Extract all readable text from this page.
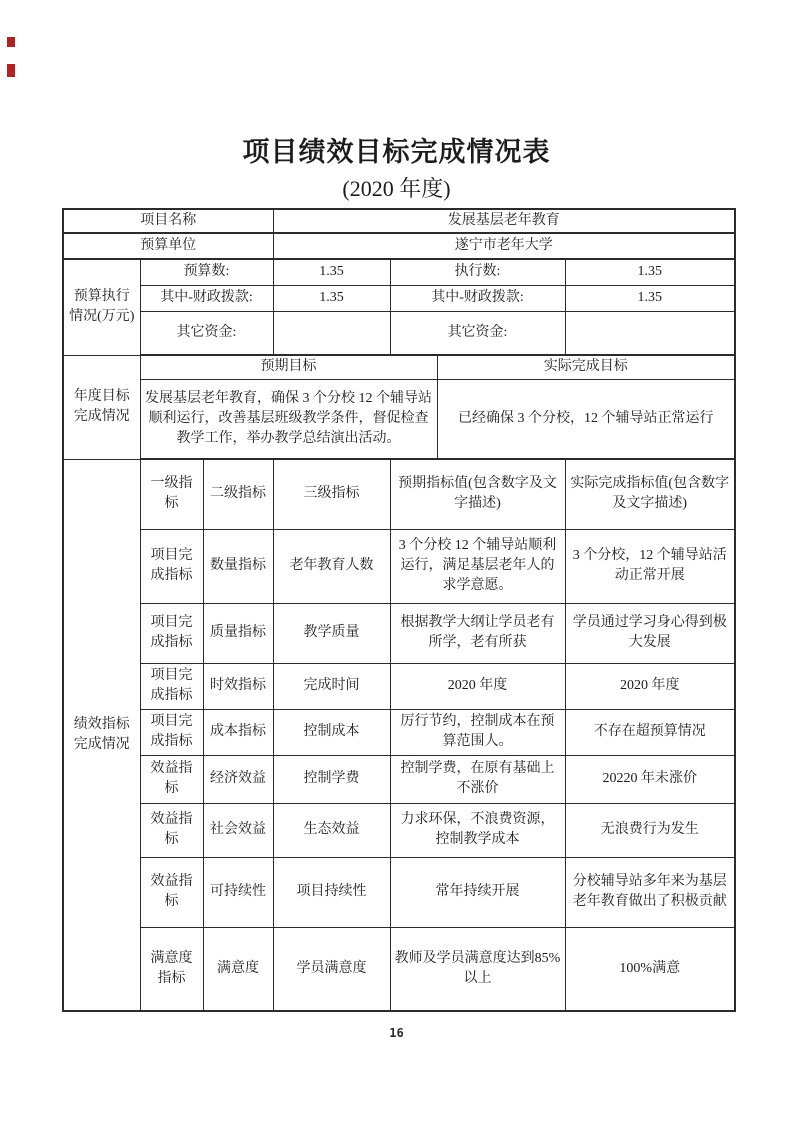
项目绩效目标完成情况表
(2020 年度)
项目名称			发展基层老年教育			
预算单位			遂宁市老年大学			
预算执行情况(万元)	预算数:		1.35	执行数:		1.35
	其中-财政拨款:		1.35	其中-财政拨款:		1.35
	其它资金:			其它资金:		
年度目标完成情况	预期目标				实际完成目标	
	发展基层老年教育，确保 3 个分校 12 个辅导站顺利运行，改善基层班级教学条件，督促检查教学工作，举办教学总结演出活动。				已经确保 3 个分校，12 个辅导站正常运行	
绩效指标完成情况	一级指标	二级指标	三级指标	预期指标值(包含数字及文字描述)		实际完成指标值(包含数字及文字描述)
	项目完成指标	数量指标	老年教育人数	3 个分校 12 个辅导站顺利运行，满足基层老年人的求学意愿。		3 个分校，12 个辅导站活动正常开展
	项目完成指标	质量指标	教学质量	根据教学大纲让学员老有所学，老有所获		学员通过学习身心得到极大发展
	项目完成指标	时效指标	完成时间	2020 年度		2020 年度
	项目完成指标	成本指标	控制成本	厉行节约，控制成本在预算范围人。		不存在超预算情况
	效益指标	经济效益	控制学费	控制学费，在原有基础上不涨价		20220 年未涨价
	效益指标	社会效益	生态效益	力求环保，不浪费资源，控制教学成本		无浪费行为发生
	效益指标	可持续性	项目持续性	常年持续开展		分校辅导站多年来为基层老年教育做出了积极贡献
	满意度指标	满意度	学员满意度	教师及学员满意度达到85%以上		100%满意
16
